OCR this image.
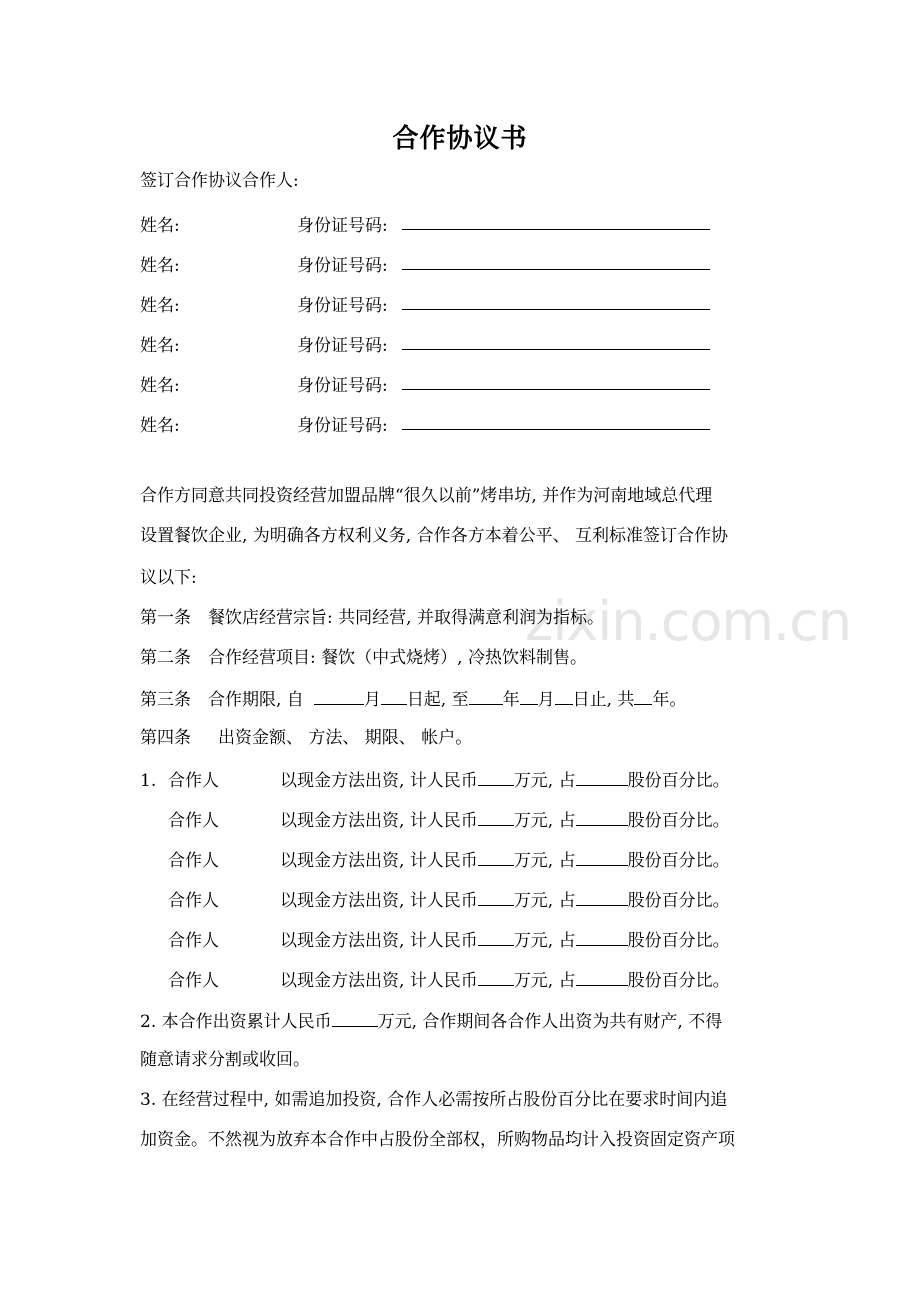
zixin.com.cn
合作协议书
签订合作协议合作人:
姓名:	身份证号码:
姓名:	身份证号码:
姓名:	身份证号码:
姓名:	身份证号码:
姓名:	身份证号码:
姓名:	身份证号码:
合作方同意共同投资经营加盟品牌“很久以前”烤串坊, 并作为河南地域总代理
设置餐饮企业, 为明确各方权利义务, 合作各方本着公平、 互利标准签订合作协
议以下:
第一条 餐饮店经营宗旨: 共同经营, 并取得满意利润为指标。
第二条 合作经营项目: 餐饮（中式烧烤）, 冷热饮料制售。
第三条 合作期限, 自	月 日起, 至 年 月 日止, 共 年。
第四条 出资金额、 方法、 期限、 帐户。
1. 合作人	以现金方法出资, 计人民币 万元, 占	股份百分比。
合作人	以现金方法出资, 计人民币 万元, 占	股份百分比。
合作人	以现金方法出资, 计人民币 万元, 占	股份百分比。
合作人	以现金方法出资, 计人民币 万元, 占	股份百分比。
合作人	以现金方法出资, 计人民币 万元, 占	股份百分比。
合作人	以现金方法出资, 计人民币 万元, 占	股份百分比。
2. 本合作出资累计人民币	万元, 合作期间各合作人出资为共有财产, 不得
随意请求分割或收回。
3. 在经营过程中, 如需追加投资, 合作人必需按所占股份百分比在要求时间内追
加资金。不然视为放弃本合作中占股份全部权，所购物品均计入投资固定资产项
